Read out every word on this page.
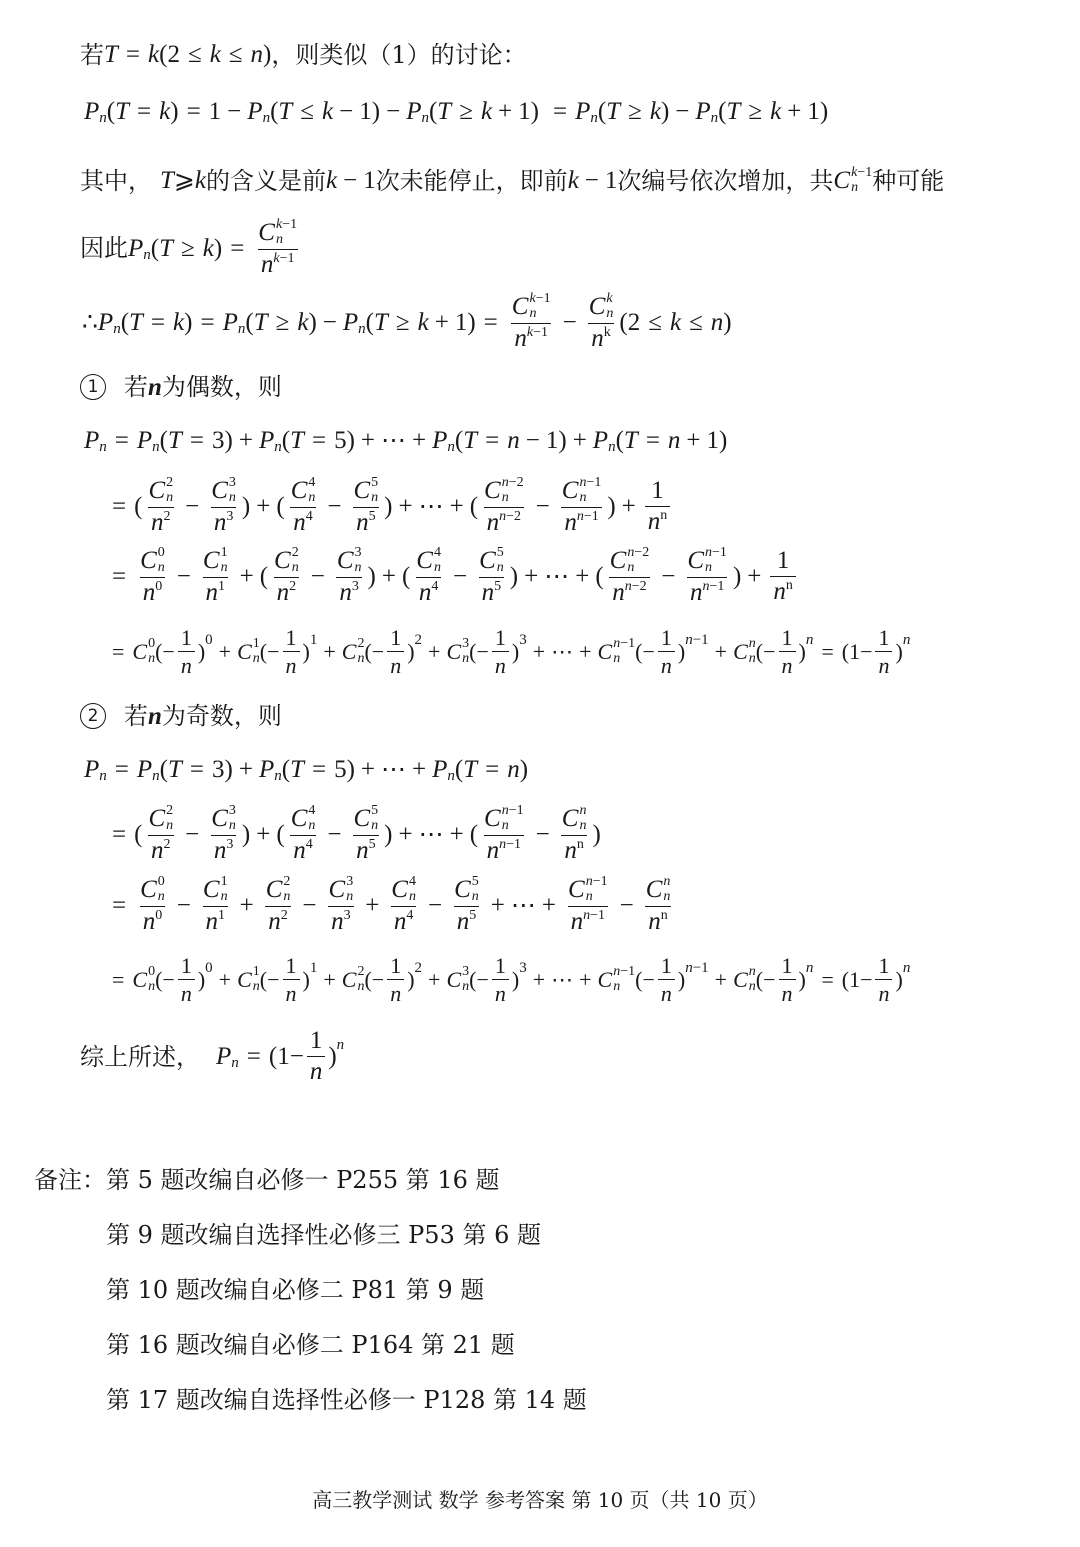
若 T = k(2 ≤ k ≤ n) ，则类似（1）的讨论：
P n ( T = k ) = 1 − P n ( T ≤ k − 1) − P n ( T ≥ k + 1) = P n ( T ≥ k ) − P n ( T ≥ k + 1)
其中， T⩾k 的含义是前 k − 1 次未能停止，即前 k − 1 次编号依次增加，共 C k−1
n 种可能
因此 P n ( T ≥ k ) = C k−1
n
$n^{k-1}$
∴ P n ( T = k ) = P n ( T ≥ k ) − P n ( T ≥ k + 1) = C k−1
n
$n^{k-1} - C$ k
n
$n^k$ (2 ≤ k ≤ n )
1	若 n 为偶数，则
P n = P n ( T = 3) + P n ( T = 5) + ⋯ + P n ( T = n − 1) + P n ( T = n + 1)
= ( C 2
n
$n^2 - C$ 3
n
$n^3$ ) + ( C 4
n
$n^4 - C$ 5
n
$n^5$ ) + ⋯ + ( C n−2
n
$n^{n-2} - C$ n−1
n
$n^{n-1}$ ) + $\frac{1}{n^n}$
= C 0
n
$n^0 - C$ 1
n
$n^1$ + ( C 2
n
$n^2 - C$ 3
n
$n^3$ ) + ( C 4
n
$n^4 - C$ 5
n
$n^5$ ) + ⋯ + ( C n−2
n
$n^{n-2} - C$ n−1
n
$n^{n-1}$ ) + $\frac{1}{n^n}$
= C 0
n (− $\frac{1}{n}$ ) 0 + C 1
n (− $\frac{1}{n}$ ) 1 + C 2
n (− $\frac{1}{n}$ ) 2 + C 3
n (− $\frac{1}{n}$ ) 3 + ⋯ + C n−1
n (− $\frac{1}{n}$ ) n−1 + C n
n (− $\frac{1}{n}$ ) $n = (1- \frac{1}{n}$ ) n
2	若 n 为奇数，则
P n = P n ( T = 3) + P n ( T = 5) + ⋯ + P n ( T = n )
= ( C 2
n
$n^2 - C$ 3
n
$n^3$ ) + ( C 4
n
$n^4 - C$ 5
n
$n^5$ ) + ⋯ + ( C n−1
n
$n^{n-1} - C$ n
n
$n^n$ )
= C 0
n
$n^0 - C$ 1
n
$n^1 + C$ 2
n
$n^2 - C$ 3
n
$n^3 + C$ 4
n
$n^4 - C$ 5
n
$n^5$ + ⋯ + C n−1
n
$n^{n-1} - C$ n
n
$n^n$
= C 0
n (− $\frac{1}{n}$ ) 0 + C 1
n (− $\frac{1}{n}$ ) 1 + C 2
n (− $\frac{1}{n}$ ) 2 + C 3
n (− $\frac{1}{n}$ ) 3 + ⋯ + C n−1
n (− $\frac{1}{n}$ ) n−1 + C n
n (− $\frac{1}{n}$ ) $n = (1- \frac{1}{n}$ ) n
综上所述， P $n = (1- \frac{1}{n}$ ) n
备注：第 5 题改编自必修一 P255 第 16 题
第 9 题改编自选择性必修三 P53 第 6 题
第 10 题改编自必修二 P81 第 9 题
第 16 题改编自必修二 P164 第 21 题
第 17 题改编自选择性必修一 P128 第 14 题
高三教学测试 数学 参考答案 第 10 页（共 10 页）
